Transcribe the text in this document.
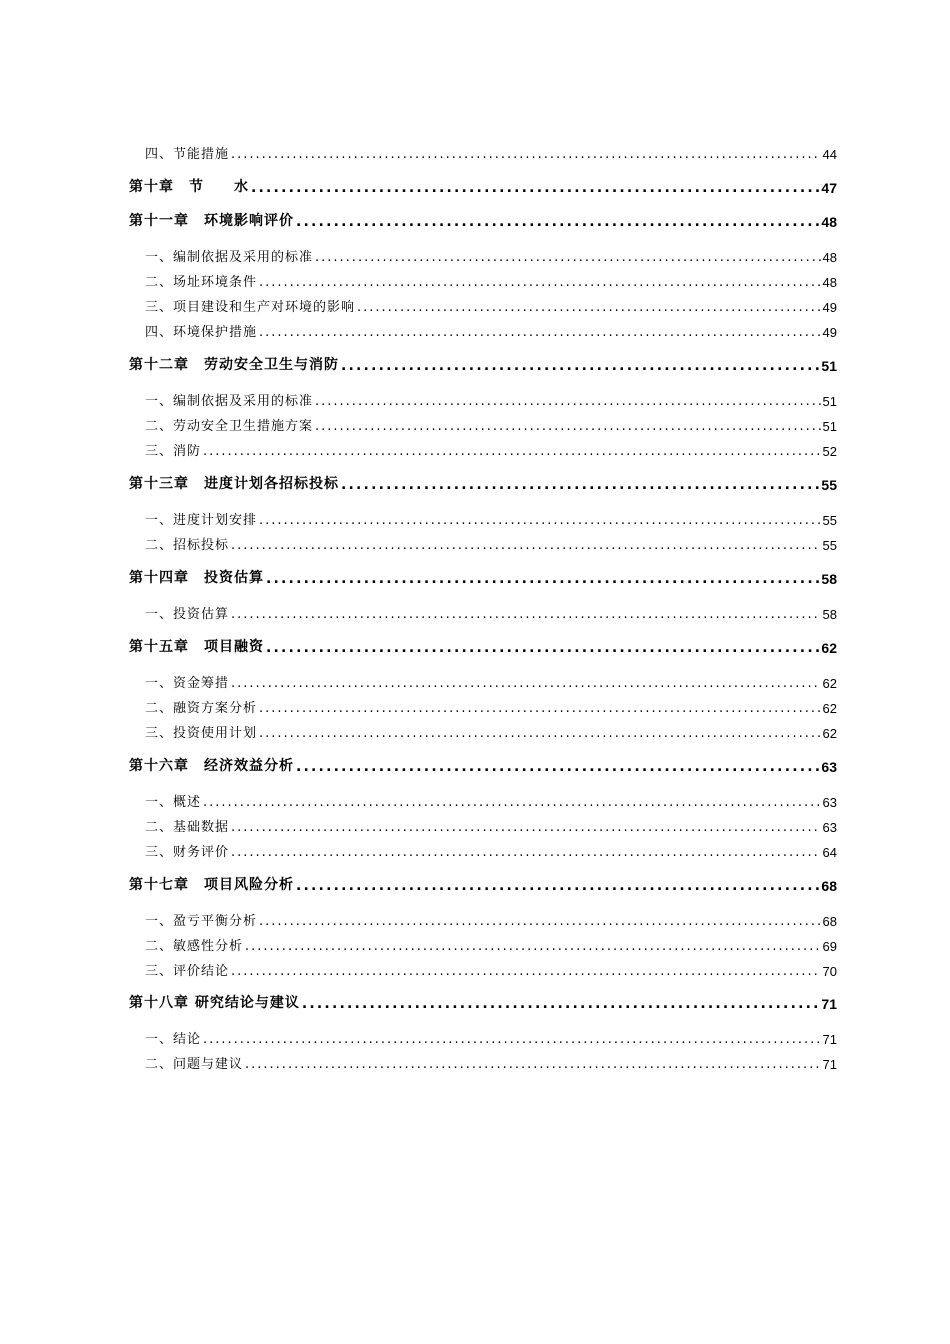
四、节能措施 .....	44
第十章　节　　水 .....	47
第十一章　环境影响评价 .....	48
一、编制依据及采用的标准 .....	48
二、场址环境条件 .....	48
三、项目建设和生产对环境的影响 .....	49
四、环境保护措施 .....	49
第十二章　劳动安全卫生与消防 .....	51
一、编制依据及采用的标准 .....	51
二、劳动安全卫生措施方案 .....	51
三、消防 .....	52
第十三章　进度计划各招标投标 .....	55
一、进度计划安排 .....	55
二、招标投标 .....	55
第十四章　投资估算 .....	58
一、投资估算 .....	58
第十五章　项目融资 .....	62
一、资金筹措 .....	62
二、融资方案分析 .....	62
三、投资使用计划 .....	62
第十六章　经济效益分析 .....	63
一、概述 .....	63
二、基础数据 .....	63
三、财务评价 .....	64
第十七章　项目风险分析 .....	68
一、盈亏平衡分析 .....	68
二、敏感性分析 .....	69
三、评价结论 .....	70
第十八章 研究结论与建议 .....	71
一、结论 .....	71
二、问题与建议 .....	71
